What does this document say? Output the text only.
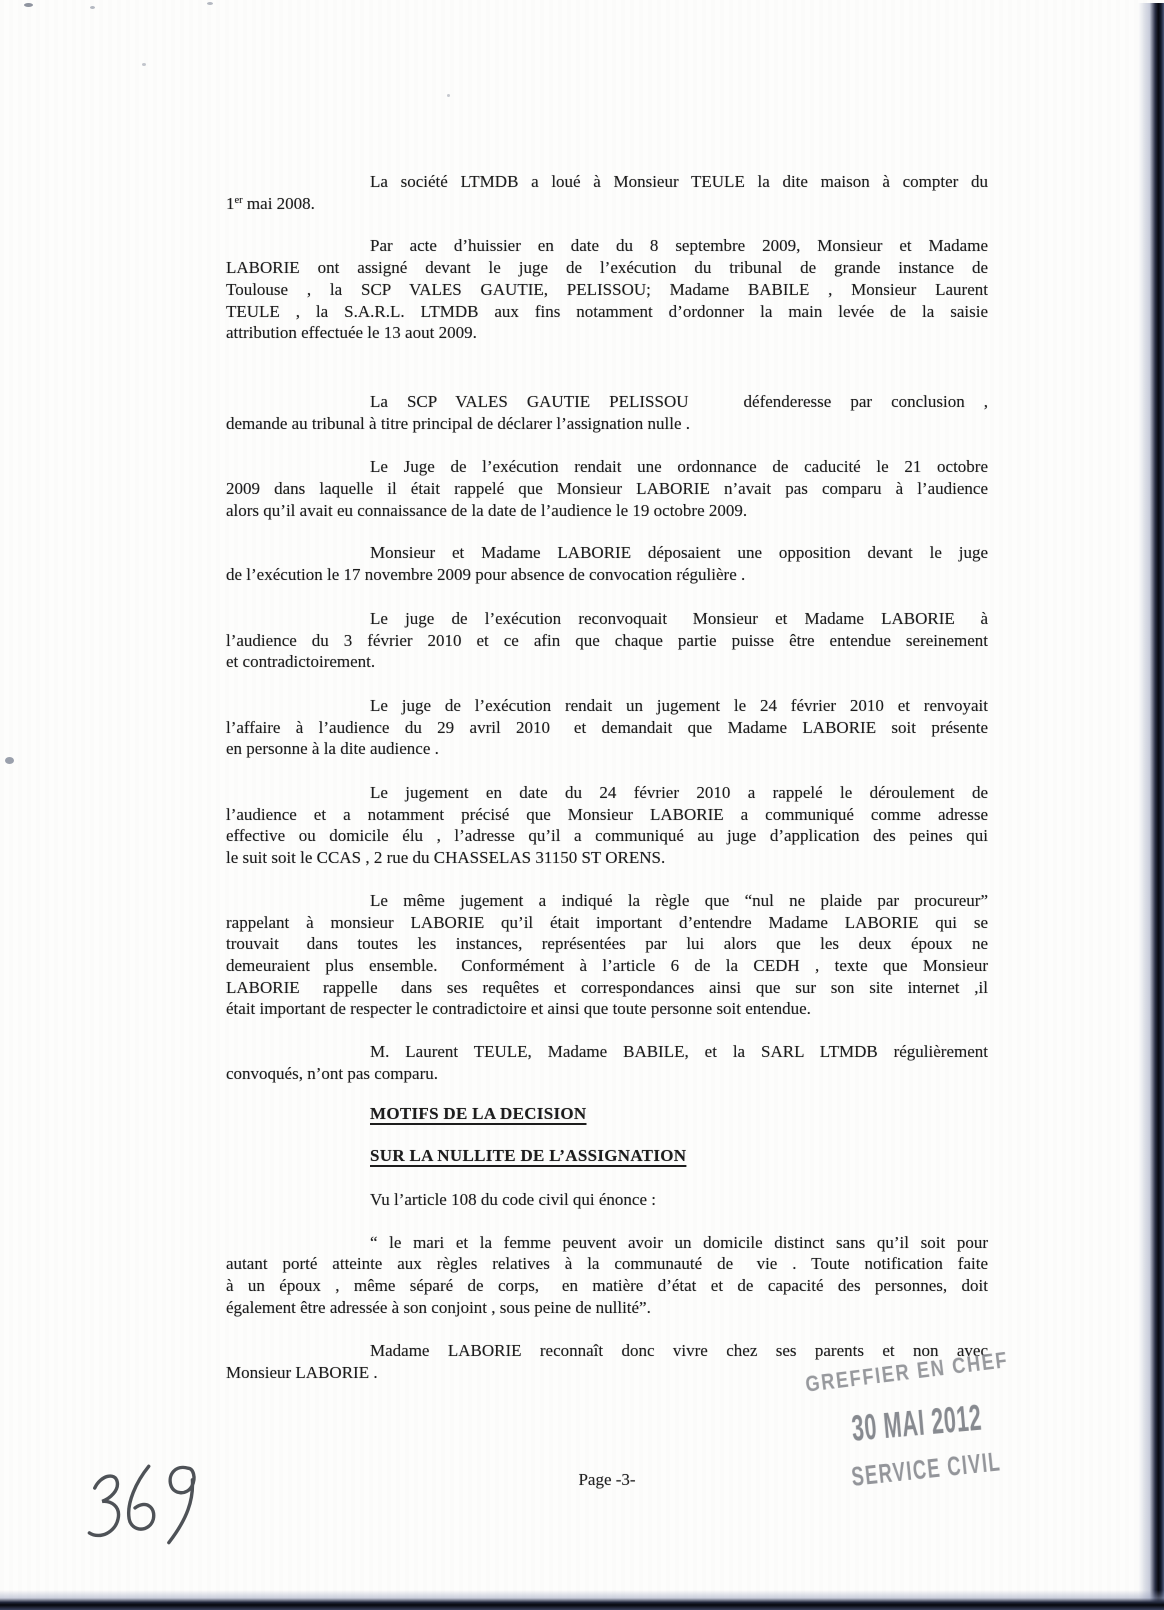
La société LTMDB a loué à Monsieur TEULE la dite maison à compter du
1er mai 2008.
Par acte d’huissier en date du 8 septembre 2009, Monsieur et Madame
LABORIE ont assigné devant le juge de l’exécution du tribunal de grande instance de
Toulouse , la SCP VALES GAUTIE, PELISSOU; Madame BABILE , Monsieur Laurent
TEULE , la S.A.R.L. LTMDB aux fins notamment d’ordonner la main levée de la saisie
attribution effectuée le 13 aout 2009.
La SCP VALES GAUTIE PELISSOU    défenderesse par conclusion ,
demande au tribunal à titre principal de déclarer l’assignation nulle .
Le Juge de l’exécution rendait une ordonnance de caducité le 21 octobre
2009 dans laquelle il était rappelé que Monsieur LABORIE n’avait pas comparu à l’audience
alors qu’il avait eu connaissance de la date de l’audience le 19 octobre 2009.
Monsieur et Madame LABORIE déposaient une opposition devant le juge
de l’exécution le 17 novembre 2009 pour absence de convocation régulière .
Le juge de l’exécution reconvoquait  Monsieur et Madame LABORIE  à
l’audience du 3 février 2010 et ce afin que chaque partie puisse être entendue sereinement
et contradictoirement.
Le juge de l’exécution rendait un jugement le 24 février 2010 et renvoyait
l’affaire à l’audience du 29 avril 2010  et demandait que Madame LABORIE soit présente
en personne à la dite audience .
Le jugement en date du 24 février 2010 a rappelé le déroulement de
l’audience et a notamment précisé que Monsieur LABORIE a communiqué comme adresse
effective ou domicile élu , l’adresse qu’il a communiqué au juge d’application des peines qui
le suit soit le CCAS , 2 rue du CHASSELAS 31150 ST ORENS.
Le même jugement a indiqué la règle que “nul ne plaide par procureur”
rappelant à monsieur LABORIE qu’il était important d’entendre Madame LABORIE qui se
trouvait  dans toutes les instances, représentées par lui alors que les deux époux ne
demeuraient plus ensemble.  Conformément à l’article 6 de la CEDH , texte que Monsieur
LABORIE  rappelle  dans ses requêtes et correspondances ainsi que sur son site internet ,il
était important de respecter le contradictoire et ainsi que toute personne soit entendue.
M. Laurent TEULE, Madame BABILE, et la SARL LTMDB régulièrement
convoqués, n’ont pas comparu.
MOTIFS DE LA DECISION
SUR LA NULLITE DE L’ASSIGNATION
Vu l’article 108 du code civil qui énonce :
“ le mari et la femme peuvent avoir un domicile distinct sans qu’il soit pour
autant porté atteinte aux règles relatives à la communauté de  vie . Toute notification faite
à un époux , même séparé de corps,  en matière d’état et de capacité des personnes, doit
également être adressée à son conjoint , sous peine de nullité”.
Madame LABORIE reconnaît donc vivre chez ses parents et non avec
Monsieur LABORIE .
Page -3-
GREFFIER EN CHEF
30 MAI 2012
SERVICE CIVIL
